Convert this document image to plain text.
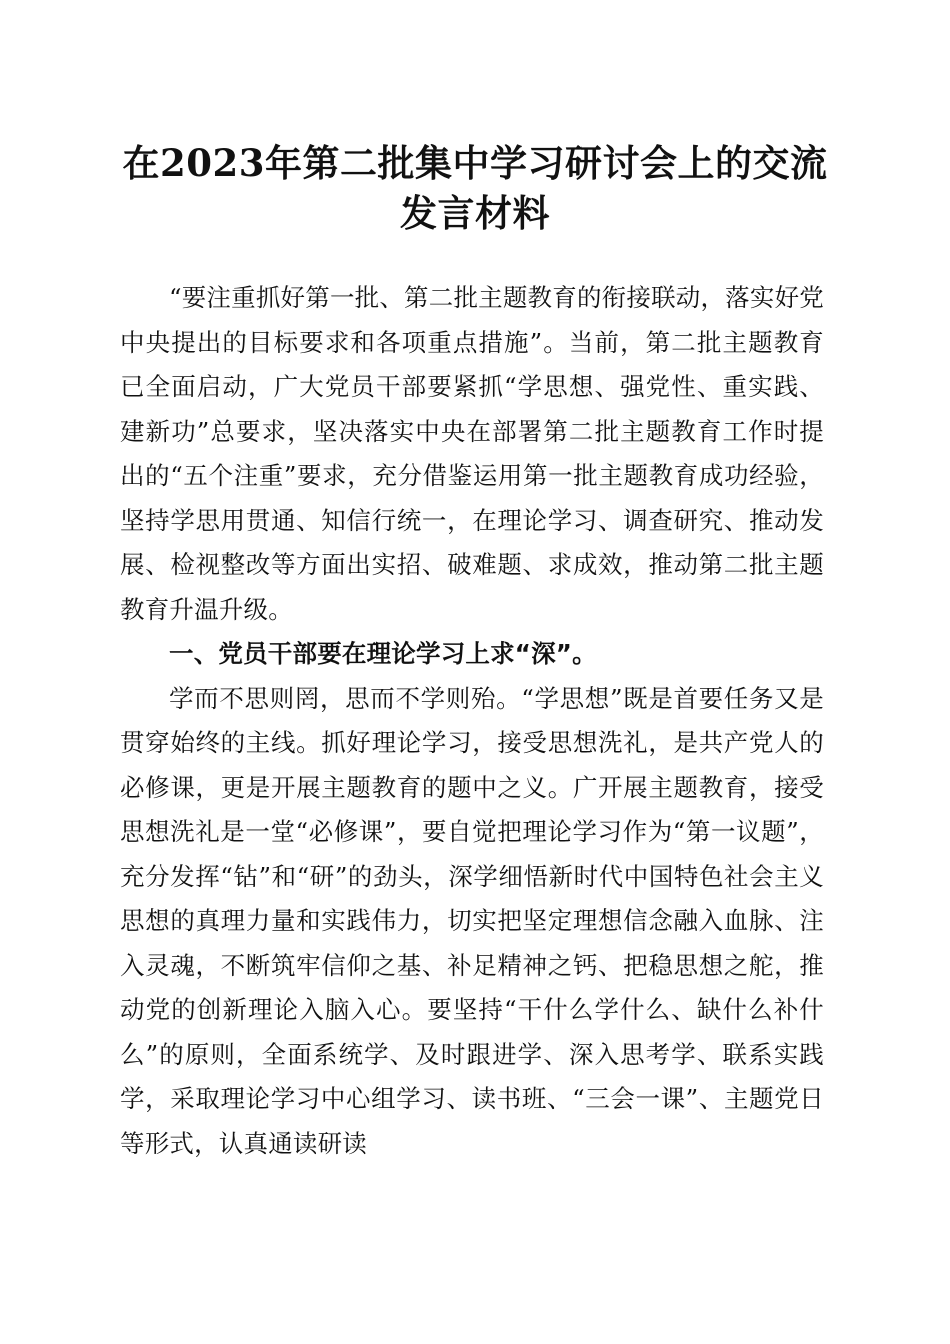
在2023年第二批集中学习研讨会上的交流发言材料

“要注重抓好第一批、第二批主题教育的衔接联动，落实好党中央提出的目标要求和各项重点措施”。当前，第二批主题教育已全面启动，广大党员干部要紧抓“学思想、强党性、重实践、建新功”总要求，坚决落实中央在部署第二批主题教育工作时提出的“五个注重”要求，充分借鉴运用第一批主题教育成功经验，坚持学思用贯通、知信行统一，在理论学习、调查研究、推动发展、检视整改等方面出实招、破难题、求成效，推动第二批主题教育升温升级。

一、党员干部要在理论学习上求“深”。

学而不思则罔，思而不学则殆。“学思想”既是首要任务又是贯穿始终的主线。抓好理论学习，接受思想洗礼，是共产党人的必修课，更是开展主题教育的题中之义。广开展主题教育，接受思想洗礼是一堂“必修课”，要自觉把理论学习作为“第一议题”，充分发挥“钻”和“研”的劲头，深学细悟新时代中国特色社会主义思想的真理力量和实践伟力，切实把坚定理想信念融入血脉、注入灵魂，不断筑牢信仰之基、补足精神之钙、把稳思想之舵，推动党的创新理论入脑入心。要坚持“干什么学什么、缺什么补什么”的原则，全面系统学、及时跟进学、深入思考学、联系实践学，采取理论学习中心组学习、读书班、“三会一课”、主题党日等形式，认真通读研读
